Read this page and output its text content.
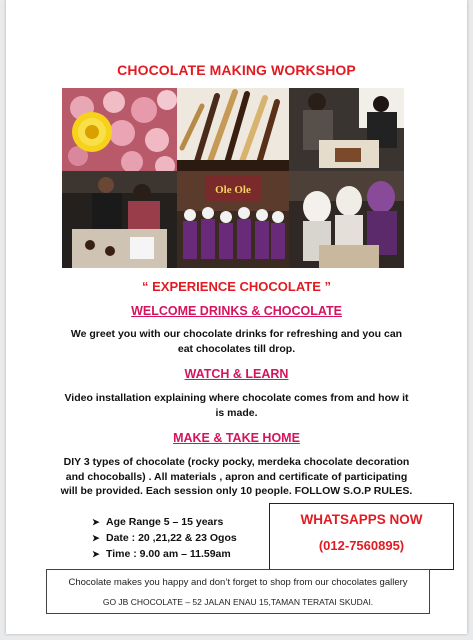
CHOCOLATE MAKING WORKSHOP
Ole Ole
“ EXPERIENCE CHOCOLATE ”
WELCOME DRINKS & CHOCOLATE
We greet you with our chocolate drinks for refreshing and you can
eat chocolates till drop.
WATCH & LEARN
Video installation explaining where chocolate comes from and how it
is made.
MAKE & TAKE HOME
DIY 3 types of chocolate (rocky pocky, merdeka chocolate decoration
and chocoballs) . All materials , apron and certificate of participating
will be provided. Each session only 10 people. FOLLOW S.O.P RULES.
➤ Age Range 5 – 15 years
➤ Date : 20 ,21,22 & 23 Ogos
➤ Time : 9.00 am – 11.59am
WHATSAPPS NOW
(012-7560895)
Chocolate makes you happy and don’t forget to shop from our chocolates gallery
GO JB CHOCOLATE – 52 JALAN ENAU 15,TAMAN TERATAI SKUDAI.
